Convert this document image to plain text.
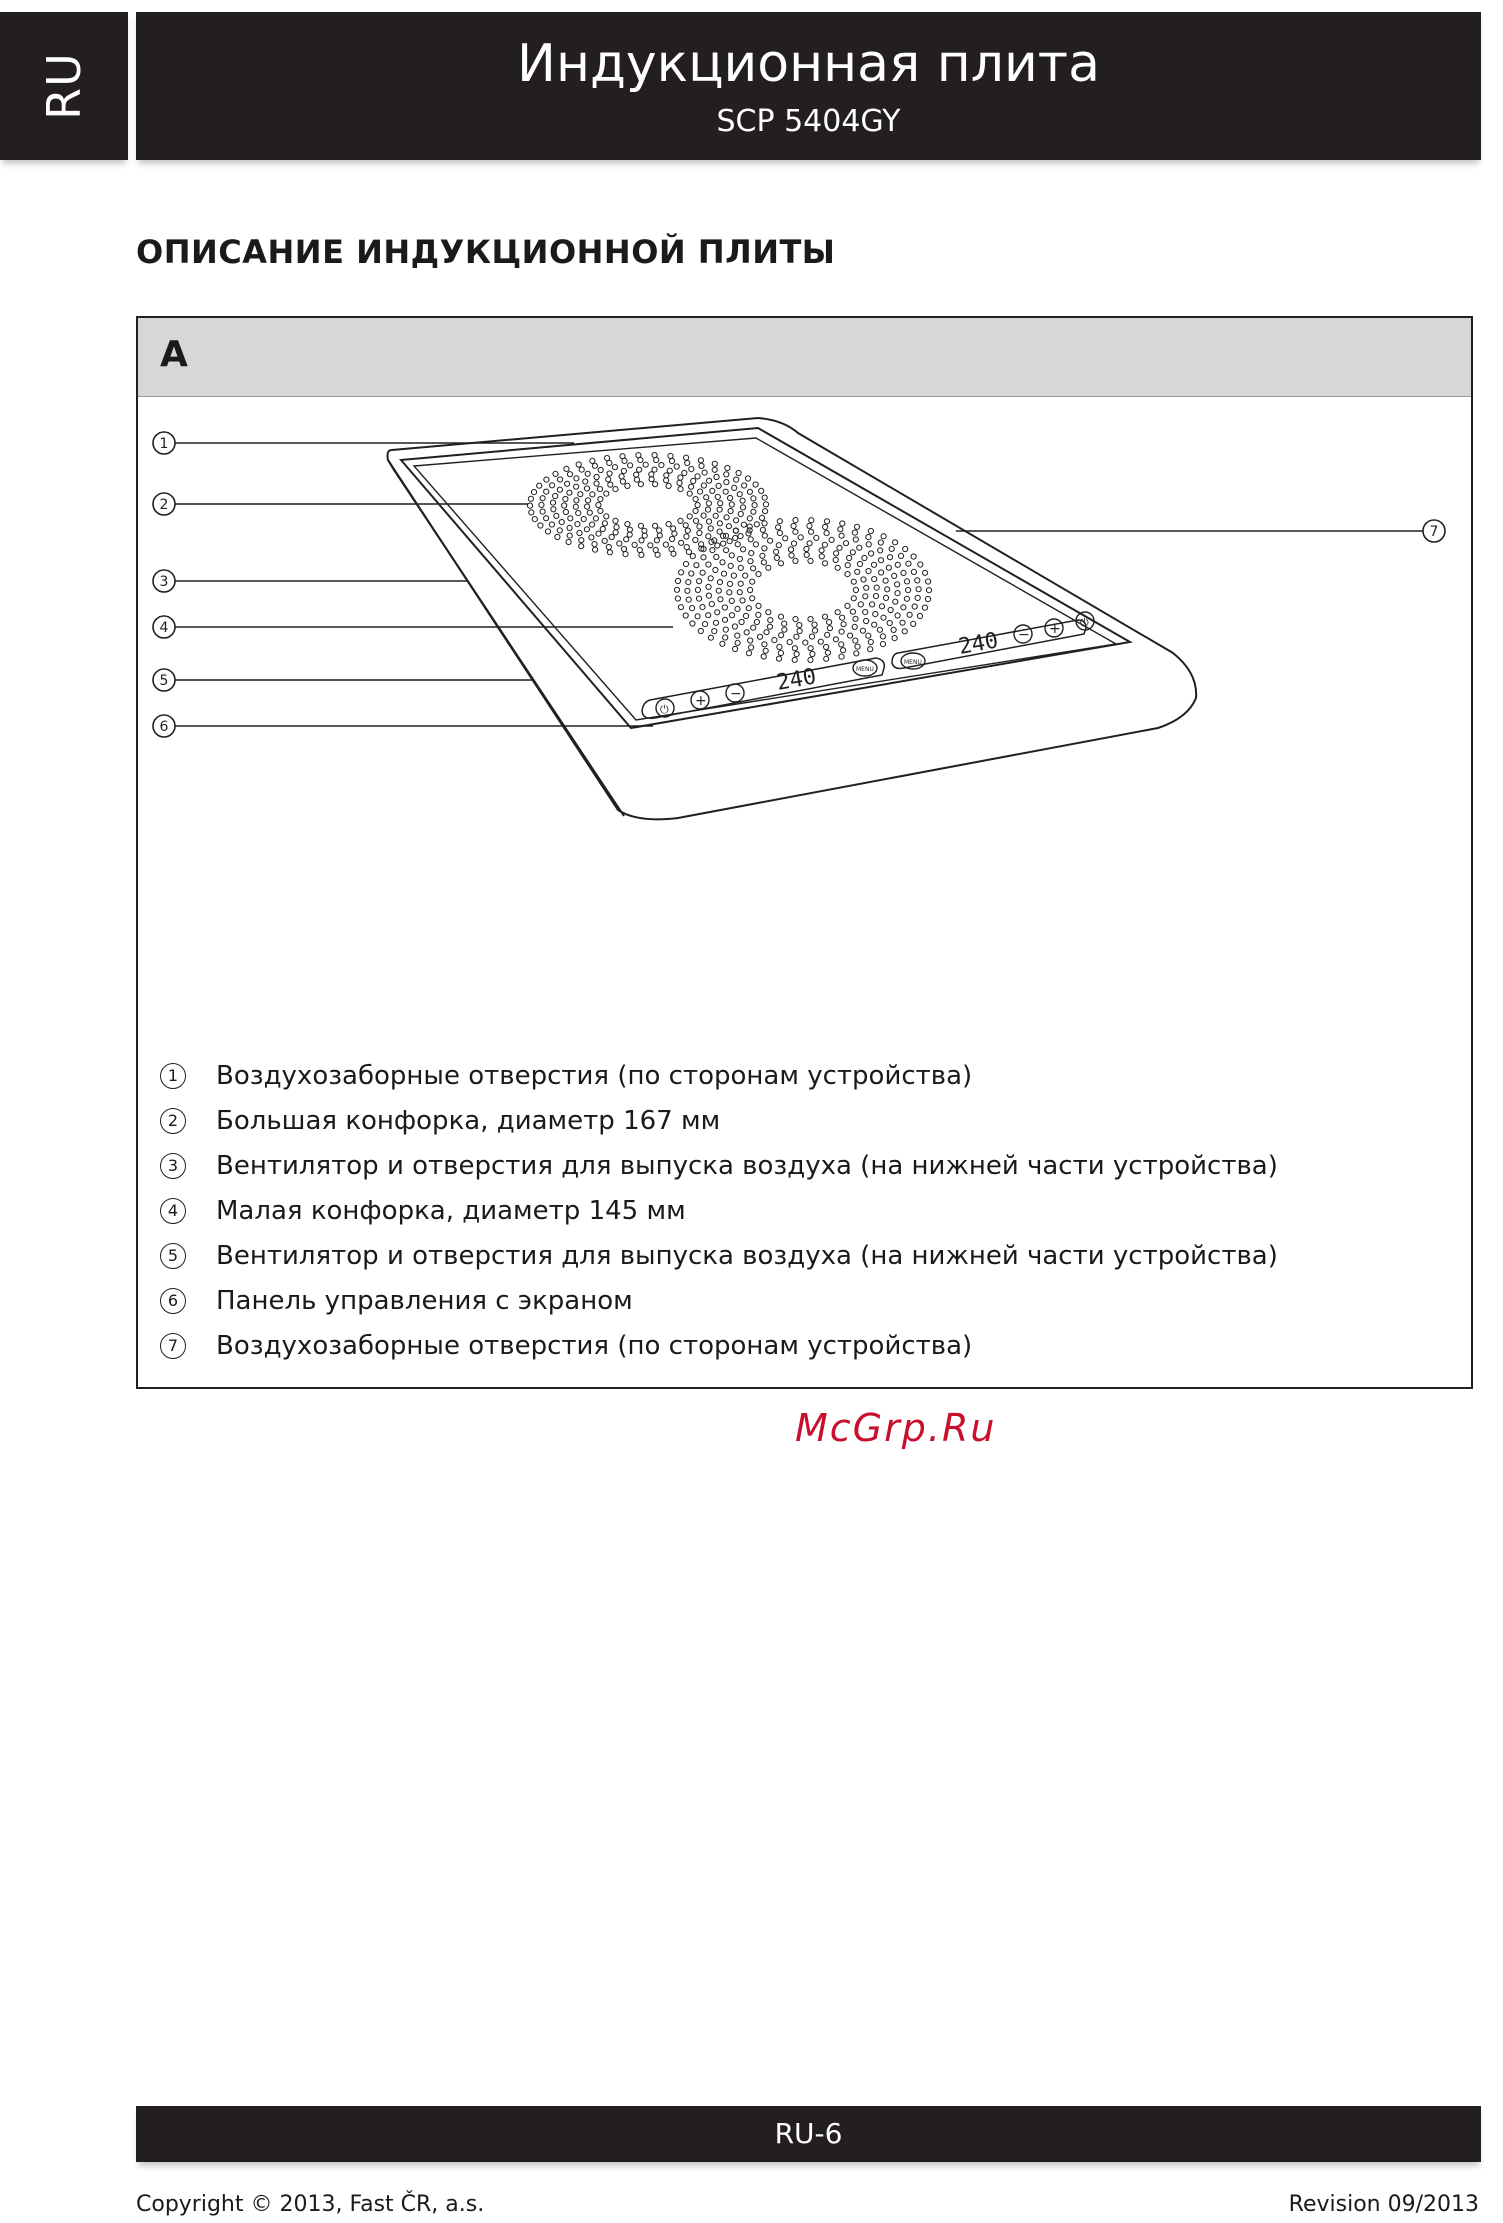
RU	Индукционная плита
SCP 5404GY
ОПИСАНИЕ ИНДУКЦИОННОЙ ПЛИТЫ
A
+ −
− +
⏻
⏻
MENU
MENU
240
240
1
2
3
4
5
6
7
1	Воздухозаборные отверстия (по сторонам устройства)
2	Большая конфорка, диаметр 167 мм
3	Вентилятор и отверстия для выпуска воздуха (на нижней части устройства)
4	Малая конфорка, диаметр 145 мм
5	Вентилятор и отверстия для выпуска воздуха (на нижней части устройства)
6	Панель управления с экраном
7	Воздухозаборные отверстия (по сторонам устройства)
McGrp.Ru
RU-6
Copyright © 2013, Fast ČR, a.s.	Revision 09/2013
